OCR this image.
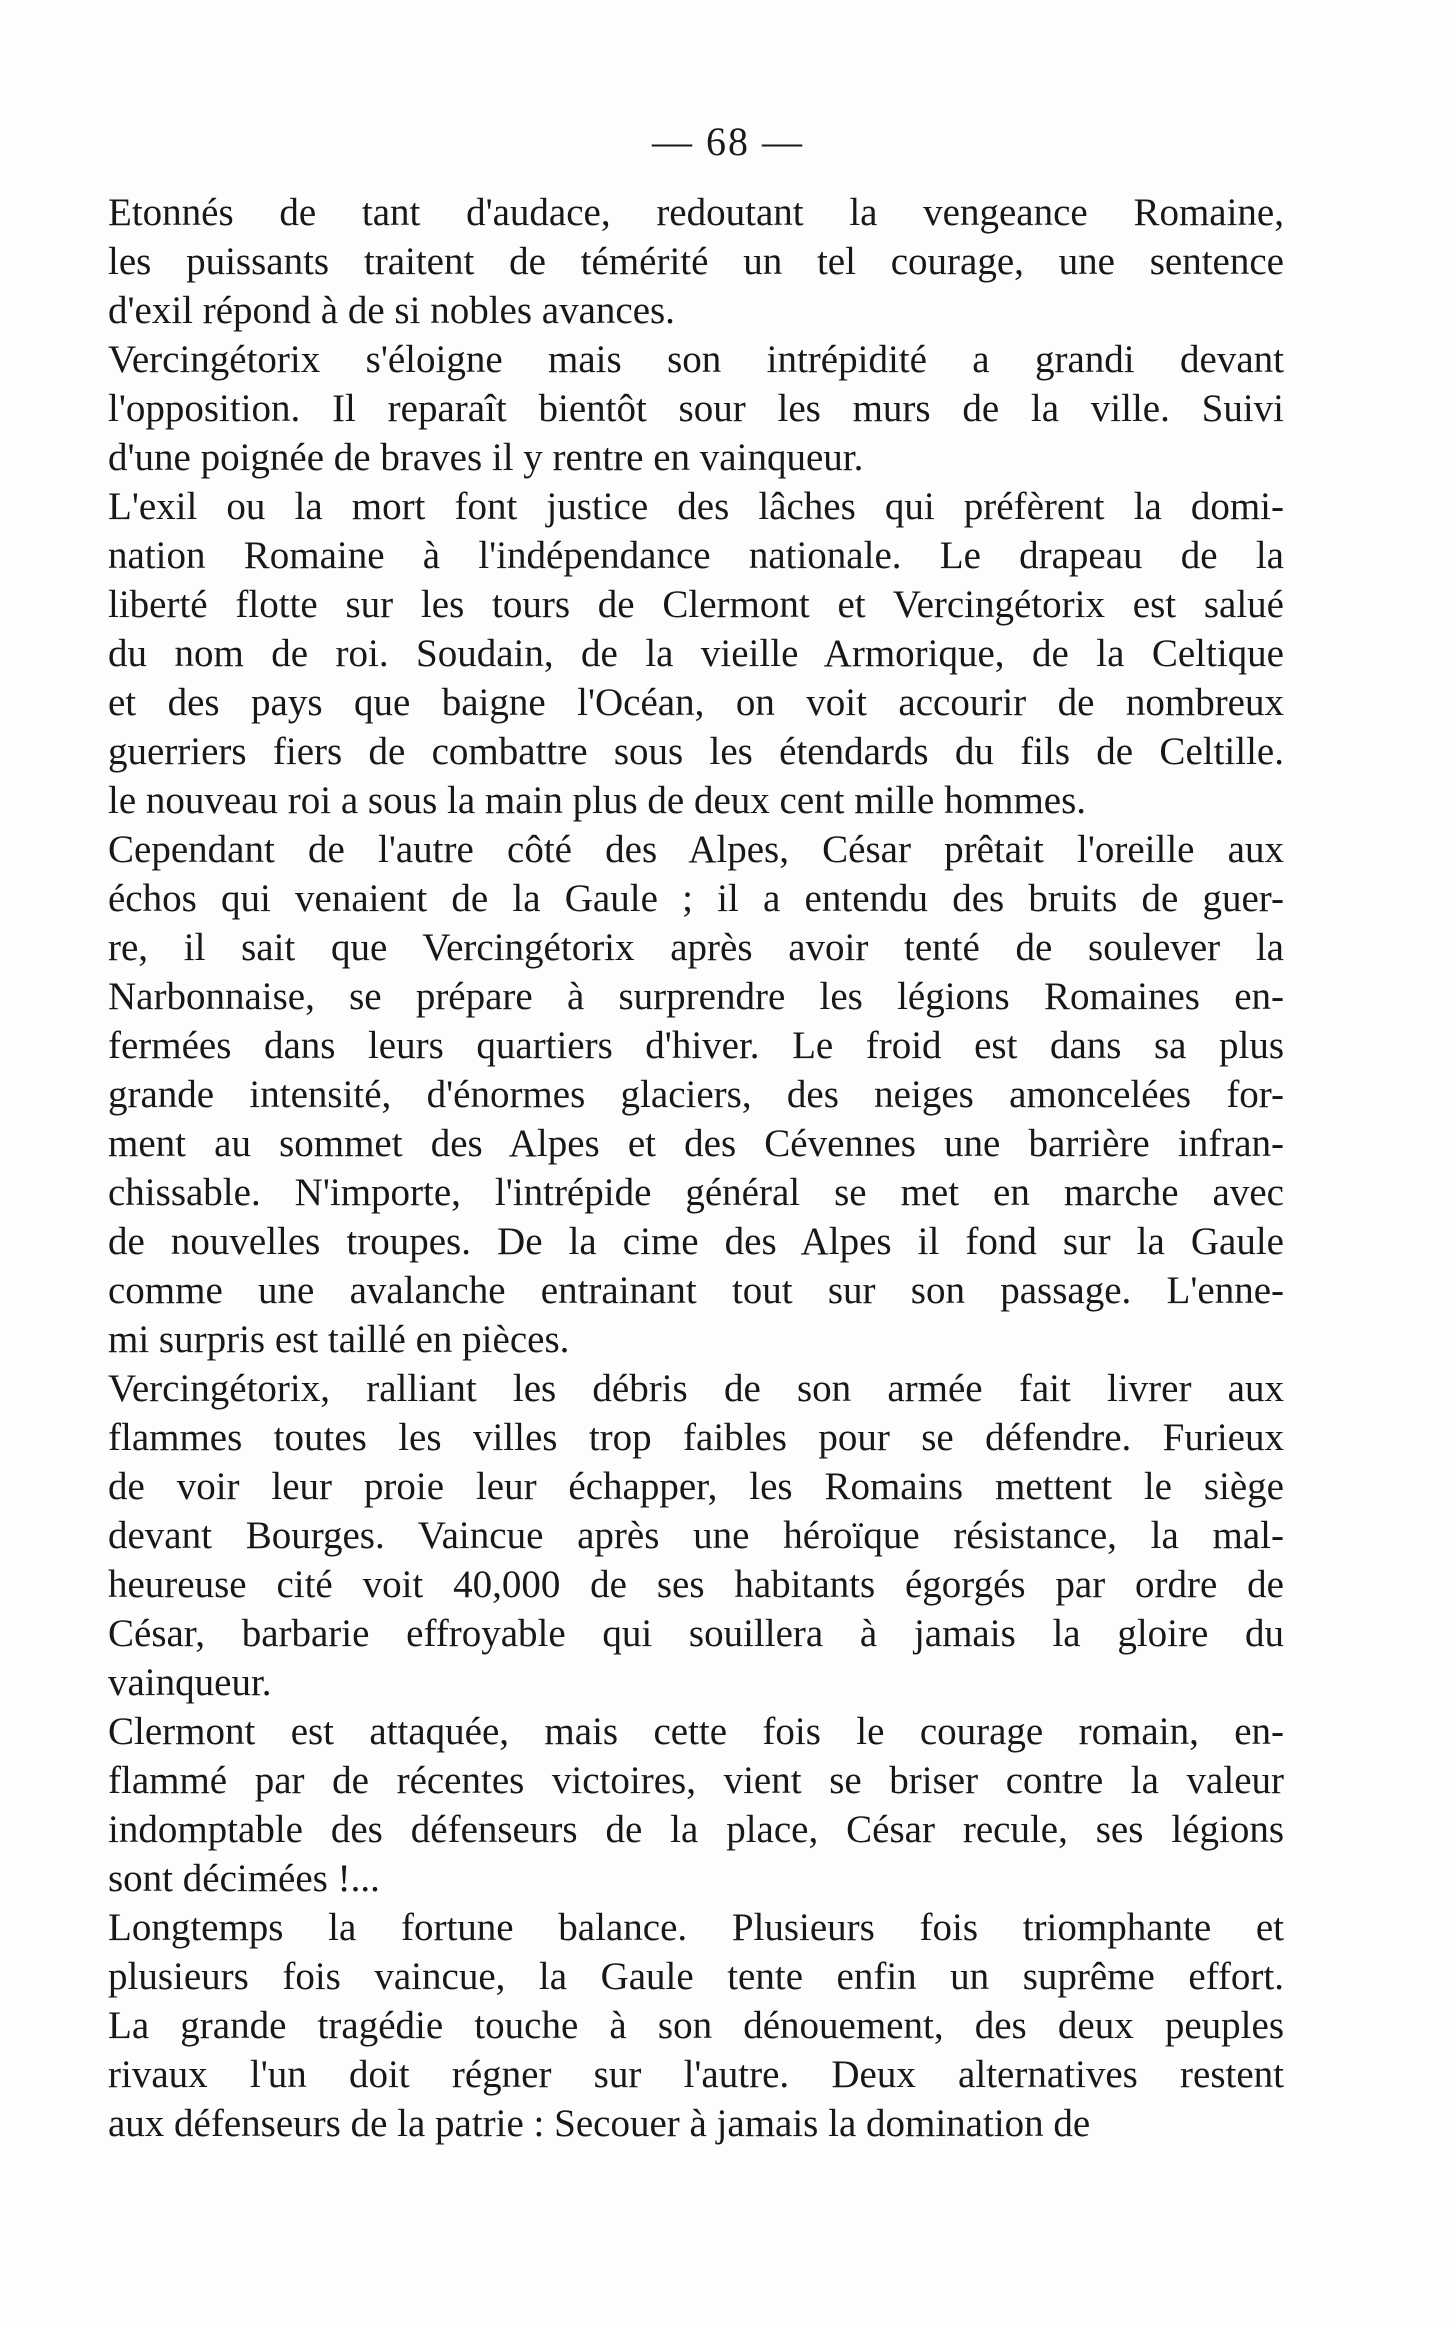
— 68 —
Etonnés de tant d'audace, redoutant la vengeance Romaine,
les puissants traitent de témérité un tel courage, une sentence
d'exil répond à de si nobles avances.
Vercingétorix s'éloigne mais son intrépidité a grandi devant
l'opposition. Il reparaît bientôt sour les murs de la ville. Suivi
d'une poignée de braves il y rentre en vainqueur.
L'exil ou la mort font justice des lâches qui préfèrent la domi-
nation Romaine à l'indépendance nationale. Le drapeau de la
liberté flotte sur les tours de Clermont et Vercingétorix est salué
du nom de roi. Soudain, de la vieille Armorique, de la Celtique
et des pays que baigne l'Océan, on voit accourir de nombreux
guerriers fiers de combattre sous les étendards du fils de Celtille.
le nouveau roi a sous la main plus de deux cent mille hommes.
Cependant de l'autre côté des Alpes, César prêtait l'oreille aux
échos qui venaient de la Gaule ; il a entendu des bruits de guer-
re, il sait que Vercingétorix après avoir tenté de soulever la
Narbonnaise, se prépare à surprendre les légions Romaines en-
fermées dans leurs quartiers d'hiver. Le froid est dans sa plus
grande intensité, d'énormes glaciers, des neiges amoncelées for-
ment au sommet des Alpes et des Cévennes une barrière infran-
chissable. N'importe, l'intrépide général se met en marche avec
de nouvelles troupes. De la cime des Alpes il fond sur la Gaule
comme une avalanche entrainant tout sur son passage. L'enne-
mi surpris est taillé en pièces.
Vercingétorix, ralliant les débris de son armée fait livrer aux
flammes toutes les villes trop faibles pour se défendre. Furieux
de voir leur proie leur échapper, les Romains mettent le siège
devant Bourges. Vaincue après une héroïque résistance, la mal-
heureuse cité voit 40,000 de ses habitants égorgés par ordre de
César, barbarie effroyable qui souillera à jamais la gloire du
vainqueur.
Clermont est attaquée, mais cette fois le courage romain, en-
flammé par de récentes victoires, vient se briser contre la valeur
indomptable des défenseurs de la place, César recule, ses légions
sont décimées !...
Longtemps la fortune balance. Plusieurs fois triomphante et
plusieurs fois vaincue, la Gaule tente enfin un suprême effort.
La grande tragédie touche à son dénouement, des deux peuples
rivaux l'un doit régner sur l'autre. Deux alternatives restent
aux défenseurs de la patrie : Secouer à jamais la domination de
